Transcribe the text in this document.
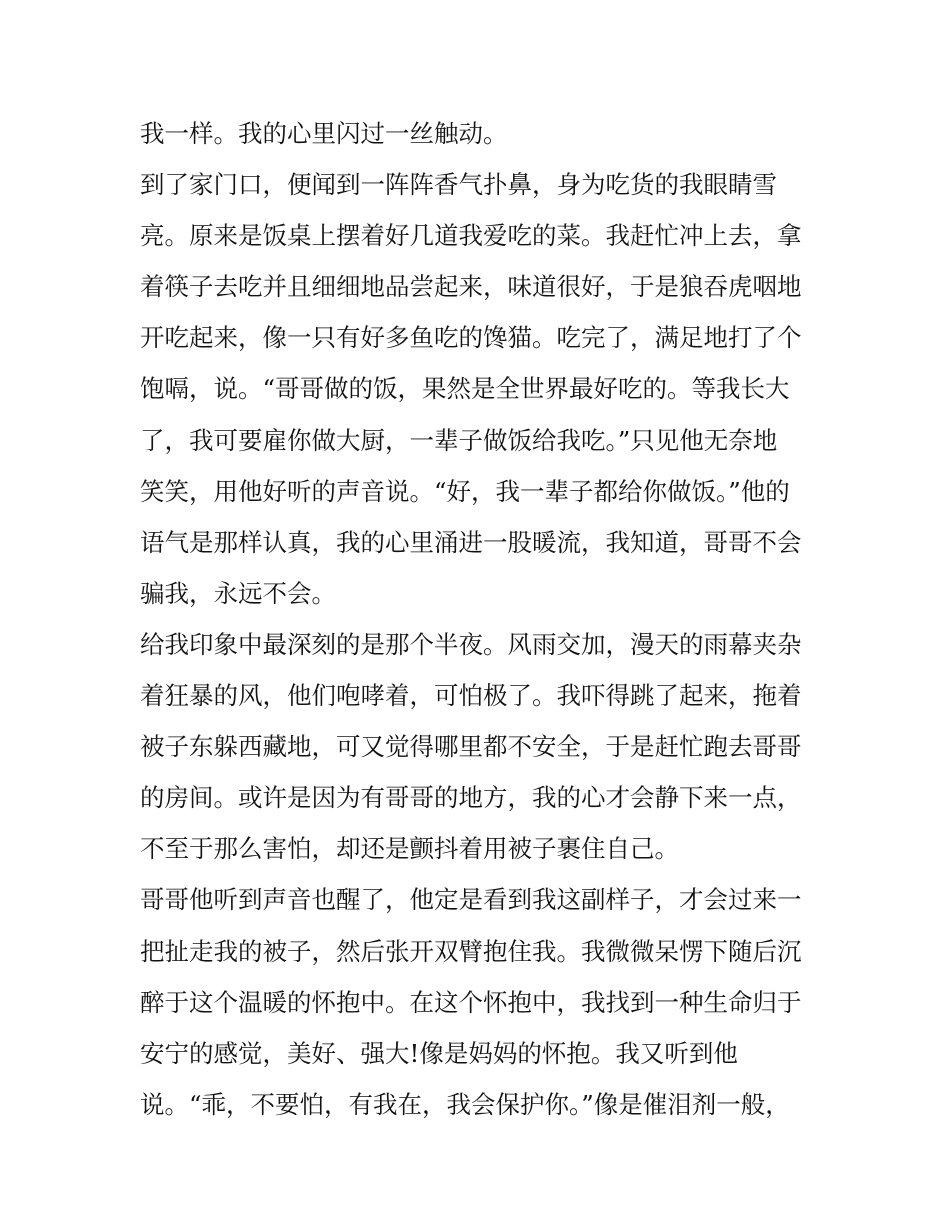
我一样。我的心里闪过一丝触动。

到了家门口，便闻到一阵阵香气扑鼻，身为吃货的我眼睛雪

亮。原来是饭桌上摆着好几道我爱吃的菜。我赶忙冲上去，拿

着筷子去吃并且细细地品尝起来，味道很好，于是狼吞虎咽地

开吃起来，像一只有好多鱼吃的馋猫。吃完了，满足地打了个

饱嗝，说。“哥哥做的饭，果然是全世界最好吃的。等我长大

了，我可要雇你做大厨，一辈子做饭给我吃。”只见他无奈地

笑笑，用他好听的声音说。“好，我一辈子都给你做饭。”他的

语气是那样认真，我的心里涌进一股暖流，我知道，哥哥不会

骗我，永远不会。

给我印象中最深刻的是那个半夜。风雨交加，漫天的雨幕夹杂

着狂暴的风，他们咆哮着，可怕极了。我吓得跳了起来，拖着

被子东躲西藏地，可又觉得哪里都不安全，于是赶忙跑去哥哥

的房间。或许是因为有哥哥的地方，我的心才会静下来一点，

不至于那么害怕，却还是颤抖着用被子裹住自己。

哥哥他听到声音也醒了，他定是看到我这副样子，才会过来一

把扯走我的被子，然后张开双臂抱住我。我微微呆愣下随后沉

醉于这个温暖的怀抱中。在这个怀抱中，我找到一种生命归于

安宁的感觉，美好、强大!像是妈妈的怀抱。我又听到他

说。“乖，不要怕，有我在，我会保护你。”像是催泪剂一般，
